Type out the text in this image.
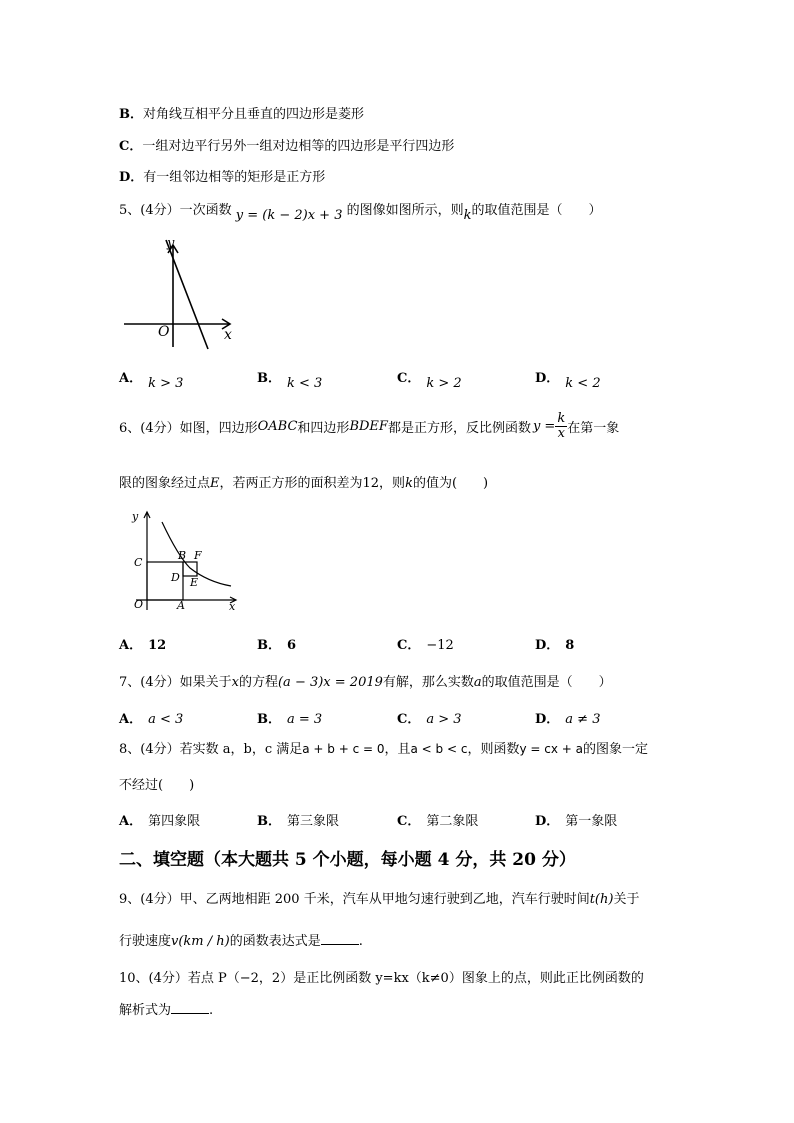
B．对角线互相平分且垂直的四边形是菱形
C．一组对边平行另外一组对边相等的四边形是平行四边形
D．有一组邻边相等的矩形是正方形
5、(4分）一次函数 y = (k − 2)x + 3 的图像如图所示，则k的取值范围是（　　）
y
x
O
A． k > 3	B． k < 3	C． k > 2	D． k < 2
6、(4分）如图，四边形 OABC 和四边形 BDEF 都是正方形，反比例函数 $y = \frac{k}{x}$ 在第一象
限的图象经过点E，若两正方形的面积差为12，则k的值为(　　)
y
x
O	A
B
C
D E
F
A． 12	B． 6	C． −12	D． 8
7、(4分）如果关于x的方程(a − 3)x = 2019有解，那么实数a的取值范围是（　　）
A． a < 3	B． a = 3	C． a > 3	D． a ≠ 3
8、(4分）若实数 a，b，c 满足a + b + c = 0，且a < b < c，则函数y = cx + a的图象一定
不经过(　　)
A． 第四象限	B． 第三象限	C． 第二象限	D． 第一象限
二、填空题（本大题共 5 个小题，每小题 4 分，共 20 分）
9、(4分）甲、乙两地相距 200 千米，汽车从甲地匀速行驶到乙地，汽车行驶时间t(h)关于
行驶速度v(km / h)的函数表达式是	.
10、(4分）若点 P（−2，2）是正比例函数 y=kx（k≠0）图象上的点，则此正比例函数的
解析式为	.
